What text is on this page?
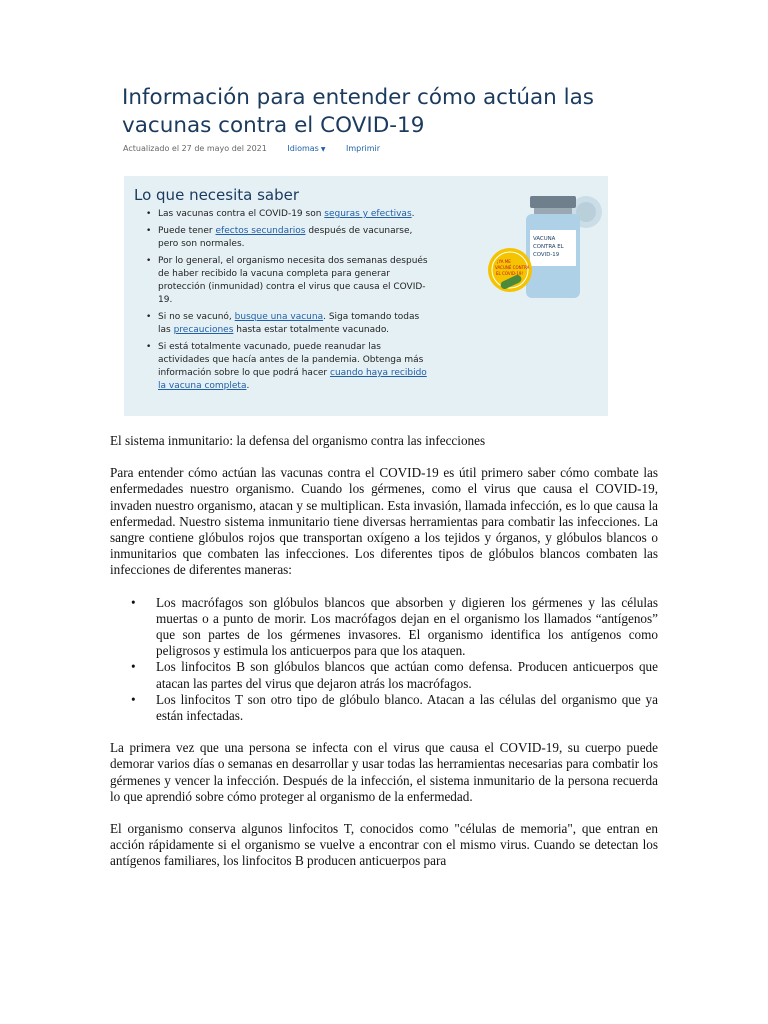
Información para entender cómo actúan las vacunas contra el COVID-19
Actualizado el 27 de mayo del 2021	Idiomas ▼	Imprimir
Lo que necesita saber
• Las vacunas contra el COVID-19 son seguras y efectivas.
• Puede tener efectos secundarios después de vacunarse, pero son normales.
• Por lo general, el organismo necesita dos semanas después de haber recibido la vacuna completa para generar protección (inmunidad) contra el virus que causa el COVID-19.
• Si no se vacunó, busque una vacuna. Siga tomando todas las precauciones hasta estar totalmente vacunado.
• Si está totalmente vacunado, puede reanudar las actividades que hacía antes de la pandemia. Obtenga más información sobre lo que podrá hacer cuando haya recibido la vacuna completa.
VACUNA
CONTRA EL
COVID-19
¡YA ME
VACUNÉ CONTRA
EL COVID-19!
El sistema inmunitario: la defensa del organismo contra las infecciones

Para entender cómo actúan las vacunas contra el COVID-19 es útil primero saber cómo combate las enfermedades nuestro organismo. Cuando los gérmenes, como el virus que causa el COVID-19, invaden nuestro organismo, atacan y se multiplican. Esta invasión, llamada infección, es lo que causa la enfermedad. Nuestro sistema inmunitario tiene diversas herramientas para combatir las infecciones. La sangre contiene glóbulos rojos que transportan oxígeno a los tejidos y órganos, y glóbulos blancos o inmunitarios que combaten las infecciones. Los diferentes tipos de glóbulos blancos combaten las infecciones de diferentes maneras:

• Los macrófagos son glóbulos blancos que absorben y digieren los gérmenes y las células muertas o a punto de morir. Los macrófagos dejan en el organismo los llamados “antígenos” que son partes de los gérmenes invasores. El organismo identifica los antígenos como peligrosos y estimula los anticuerpos para que los ataquen.
• Los linfocitos B son glóbulos blancos que actúan como defensa. Producen anticuerpos que atacan las partes del virus que dejaron atrás los macrófagos.
• Los linfocitos T son otro tipo de glóbulo blanco. Atacan a las células del organismo que ya están infectadas.

La primera vez que una persona se infecta con el virus que causa el COVID-19, su cuerpo puede demorar varios días o semanas en desarrollar y usar todas las herramientas necesarias para combatir los gérmenes y vencer la infección. Después de la infección, el sistema inmunitario de la persona recuerda lo que aprendió sobre cómo proteger al organismo de la enfermedad.

El organismo conserva algunos linfocitos T, conocidos como "células de memoria", que entran en acción rápidamente si el organismo se vuelve a encontrar con el mismo virus. Cuando se detectan los antígenos familiares, los linfocitos B producen anticuerpos para
